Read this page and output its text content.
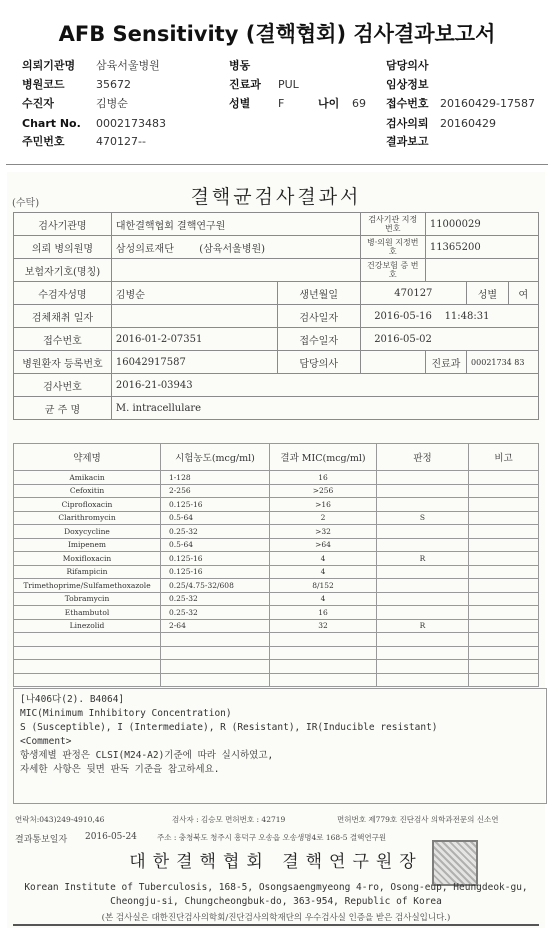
AFB Sensitivity (결핵협회) 검사결과보고서
의뢰기관명 삼육서울병원	병동	담당의사
병원코드	35672	진료과 PUL	임상정보
수진자	김병순	성별	F	나이 69 접수번호 20160429-17587
Chart No. 0002173483	검사의뢰 20160429
주민번호	470127--	결과보고
(수탁)	결핵균검사결과서
검사기관명	대한결핵협회 결핵연구원		검사기관 지정번호	11000029		
의뢰 병의원명	삼성의료재단 (삼육서울병원)		병·의원 지정번호	11365200		
보험자기호(명칭)			건강보험 증 번 호			
수검자성명	김병순	생년월일	470127		성별	여
검체채취 일자		검사일자	2016-05-16 11:48:31			
접수번호	2016-01-2-07351	접수일자	2016-05-02			
병원환자 등록번호	16042917587	담당의사		진료과	00021734 83	
검사번호	2016-21-03943					
균 주 명	M. intracellulare					
약제명	시험농도(mcg/ml)	결과 MIC(mcg/ml)	판정	비고
Amikacin	1-128	16		
Cefoxitin	2-256	>256		
Ciprofloxacin	0.125-16	>16		
Clarithromycin	0.5-64	2	S	
Doxycycline	0.25-32	>32		
Imipenem	0.5-64	>64		
Moxifloxacin	0.125-16	4	R	
Rifampicin	0.125-16	4		
Trimethoprime/Sulfamethoxazole	0.25/4.75-32/608	8/152		
Tobramycin	0.25-32	4		
Ethambutol	0.25-32	16		
Linezolid	2-64	32	R	

[나406다(2). B4064]
MIC(Minimum Inhibitory Concentration)
S (Susceptible), I (Intermediate), R (Resistant), IR(Inducible resistant)
<Comment>
항생제별 판정은 CLSI(M24-A2)기준에 따라 실시하였고,
자세한 사항은 뒷면 판독 기준을 참고하세요.
연락처:043)249-4910,46	검사자 : 김승모 면허번호 : 42719	면허번호 제779호 진단검사 의학과전문의 신소연
결과통보일자 2016-05-24	주소 : 충청북도 청주시 흥덕구 오송읍 오송생명4로 168-5 결핵연구원
대한결핵협회 결핵연구원장
Korean Institute of Tuberculosis, 168-5, Osongsaengmyeong 4-ro, Osong-eup, Heungdeok-gu,
Cheongju-si, Chungcheongbuk-do, 363-954, Republic of Korea
(본 검사실은 대한진단검사의학회/진단검사의학재단의 우수검사실 인증을 받은 검사실입니다.)
